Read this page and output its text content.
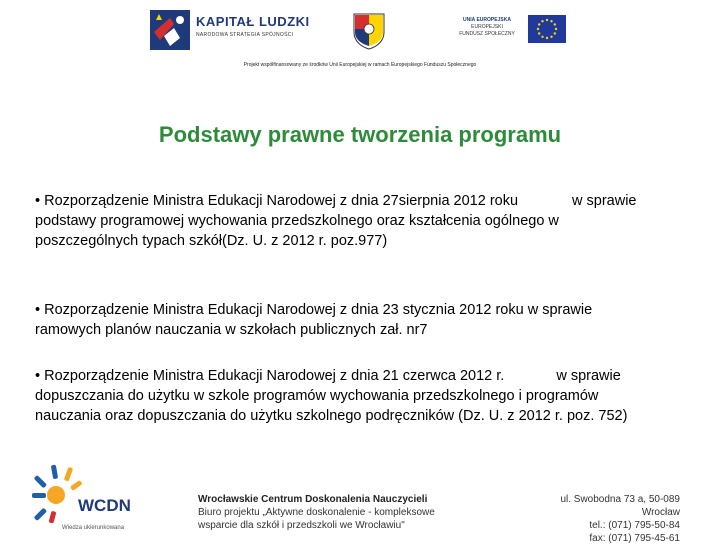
KAPITAŁ LUDZKI
NARODOWA STRATEGIA SPÓJNOŚCI
UNIA EUROPEJSKA
EUROPEJSKI
FUNDUSZ SPOŁECZNY
Projekt współfinansowany ze środków Unii Europejskiej w ramach Europejskiego Funduszu Społecznego
Podstawy prawne tworzenia programu
• Rozporządzenie Ministra Edukacji Narodowej z dnia 27sierpnia 2012 roku	w sprawie
podstawy programowej wychowania przedszkolnego oraz kształcenia ogólnego w
poszczególnych typach szkół(Dz. U. z 2012 r. poz.977)
• Rozporządzenie Ministra Edukacji Narodowej z dnia 23 stycznia 2012 roku w sprawie
ramowych planów nauczania w szkołach publicznych zał. nr7
• Rozporządzenie Ministra Edukacji Narodowej z dnia 21 czerwca 2012 r.	w sprawie
dopuszczania do użytku w szkole programów wychowania przedszkolnego i programów
nauczania oraz dopuszczania do użytku szkolnego podręczników (Dz. U. z 2012 r. poz. 752)
WCDN
Wiedza ukierunkowana
Wrocławskie Centrum Doskonalenia Nauczycieli
Biuro projektu „Aktywne doskonalenie - kompleksowe
wsparcie dla szkół i przedszkoli we Wrocławiu"
ul. Swobodna 73 a, 50-089 Wrocław
tel.: (071) 795-50-84
fax: (071) 795-45-61
